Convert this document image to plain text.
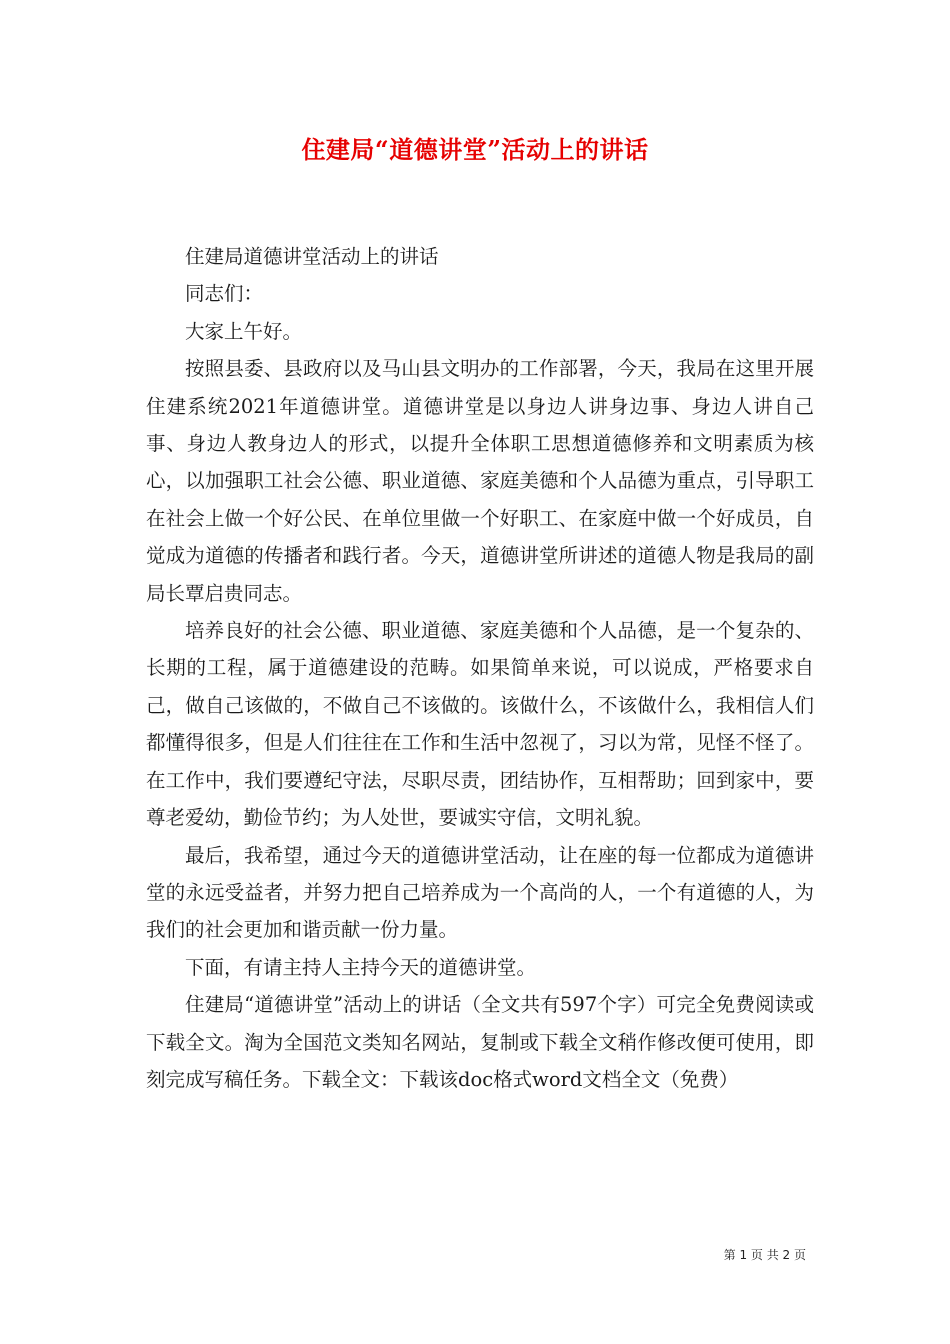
住建局“道德讲堂”活动上的讲话

住建局道德讲堂活动上的讲话

同志们：

大家上午好。

按照县委、县政府以及马山县文明办的工作部署，今天，我局在这里开展住建系统2021年道德讲堂。道德讲堂是以身边人讲身边事、身边人讲自己事、身边人教身边人的形式，以提升全体职工思想道德修养和文明素质为核心，以加强职工社会公德、职业道德、家庭美德和个人品德为重点，引导职工在社会上做一个好公民、在单位里做一个好职工、在家庭中做一个好成员，自觉成为道德的传播者和践行者。今天，道德讲堂所讲述的道德人物是我局的副局长覃启贵同志。

培养良好的社会公德、职业道德、家庭美德和个人品德，是一个复杂的、长期的工程，属于道德建设的范畴。如果简单来说，可以说成，严格要求自己，做自己该做的，不做自己不该做的。该做什么，不该做什么，我相信人们都懂得很多，但是人们往往在工作和生活中忽视了，习以为常，见怪不怪了。在工作中，我们要遵纪守法，尽职尽责，团结协作，互相帮助；回到家中，要尊老爱幼，勤俭节约；为人处世，要诚实守信，文明礼貌。

最后，我希望，通过今天的道德讲堂活动，让在座的每一位都成为道德讲堂的永远受益者，并努力把自己培养成为一个高尚的人，一个有道德的人，为我们的社会更加和谐贡献一份力量。

下面，有请主持人主持今天的道德讲堂。

住建局“道德讲堂”活动上的讲话（全文共有597个字）可完全免费阅读或下载全文。淘为全国范文类知名网站，复制或下载全文稍作修改便可使用，即刻完成写稿任务。下载全文：下载该doc格式word文档全文（免费）

第 1 页 共 2 页
